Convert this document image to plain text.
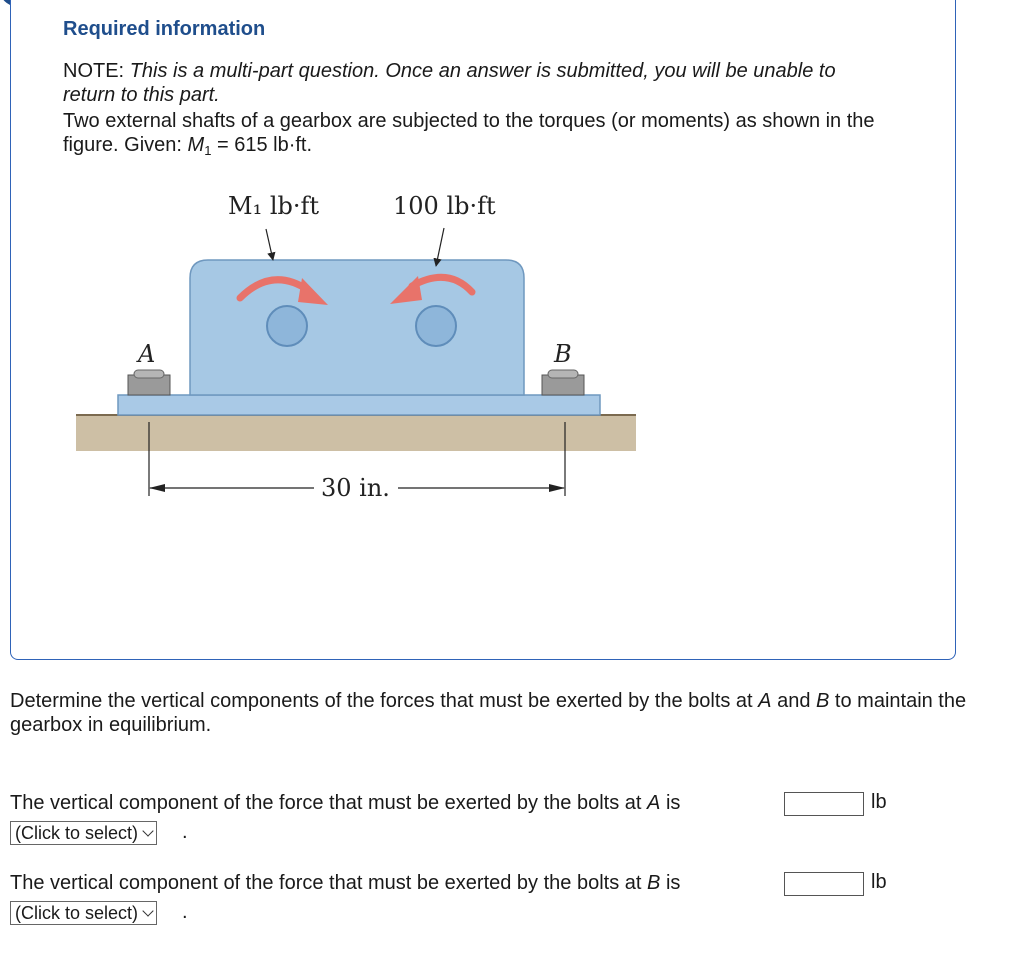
Required information
NOTE: This is a multi-part question. Once an answer is submitted, you will be unable to return to this part.
Two external shafts of a gearbox are subjected to the torques (or moments) as shown in the figure. Given: $M_1 = 615$ lb·ft.
M₁ lb·ft	100 lb·ft
A	B
30 in.
Determine the vertical components of the forces that must be exerted by the bolts at A and B to maintain the gearbox in equilibrium.
The vertical component of the force that must be exerted by the bolts at A is	lb
(Click to select) .
The vertical component of the force that must be exerted by the bolts at B is	lb
(Click to select) .
